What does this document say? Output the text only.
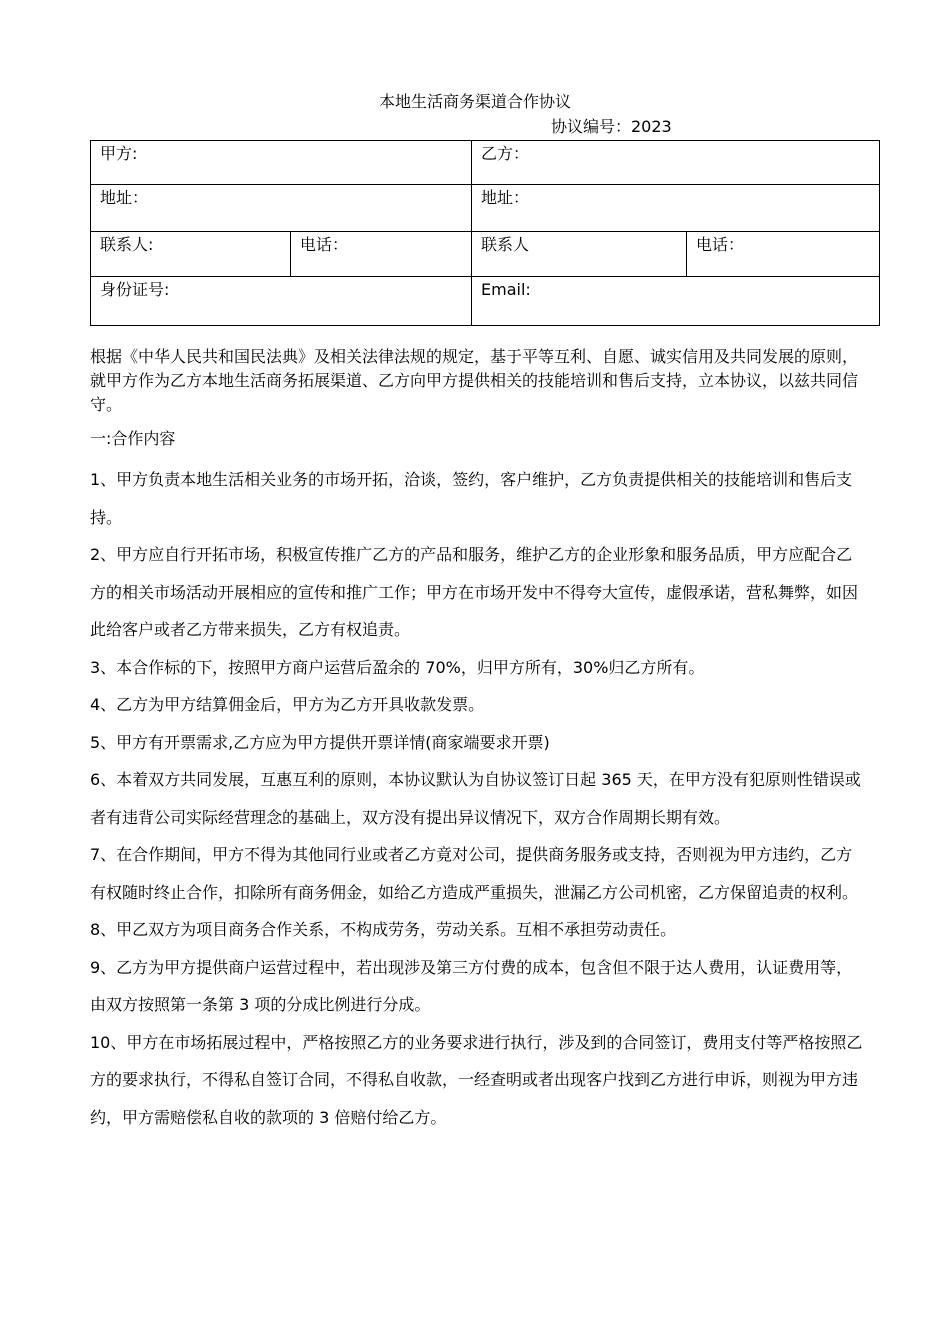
本地生活商务渠道合作协议
协议编号：2023
甲方:		乙方：	
地址：		地址：	
联系人:	电话：	联系人	电话：
身份证号:		Email:	
根据《中华人民共和国民法典》及相关法律法规的规定，基于平等互利、自愿、诚实信用及共同发展的原则，就甲方作为乙方本地生活商务拓展渠道、乙方向甲方提供相关的技能培训和售后支持，立本协议，以兹共同信守。
一:合作内容

1、甲方负责本地生活相关业务的市场开拓，洽谈，签约，客户维护，乙方负责提供相关的技能培训和售后支持。

2、甲方应自行开拓市场，积极宣传推广乙方的产品和服务，维护乙方的企业形象和服务品质，甲方应配合乙方的相关市场活动开展相应的宣传和推广工作；甲方在市场开发中不得夸大宣传，虚假承诺，营私舞弊，如因此给客户或者乙方带来损失，乙方有权追责。

3、本合作标的下，按照甲方商户运营后盈余的 70%，归甲方所有，30%归乙方所有。

4、乙方为甲方结算佣金后，甲方为乙方开具收款发票。

5、甲方有开票需求,乙方应为甲方提供开票详情(商家端要求开票)

6、本着双方共同发展，互惠互利的原则，本协议默认为自协议签订日起 365 天，在甲方没有犯原则性错误或者有违背公司实际经营理念的基础上，双方没有提出异议情况下，双方合作周期长期有效。

7、在合作期间，甲方不得为其他同行业或者乙方竟对公司，提供商务服务或支持，否则视为甲方违约，乙方有权随时终止合作，扣除所有商务佣金，如给乙方造成严重损失，泄漏乙方公司机密，乙方保留追责的权利。

8、甲乙双方为项目商务合作关系，不构成劳务，劳动关系。互相不承担劳动责任。

9、乙方为甲方提供商户运营过程中，若出现涉及第三方付费的成本，包含但不限于达人费用，认证费用等，由双方按照第一条第 3 项的分成比例进行分成。

10、甲方在市场拓展过程中，严格按照乙方的业务要求进行执行，涉及到的合同签订，费用支付等严格按照乙方的要求执行，不得私自签订合同，不得私自收款，一经查明或者出现客户找到乙方进行申诉，则视为甲方违约，甲方需赔偿私自收的款项的 3 倍赔付给乙方。
